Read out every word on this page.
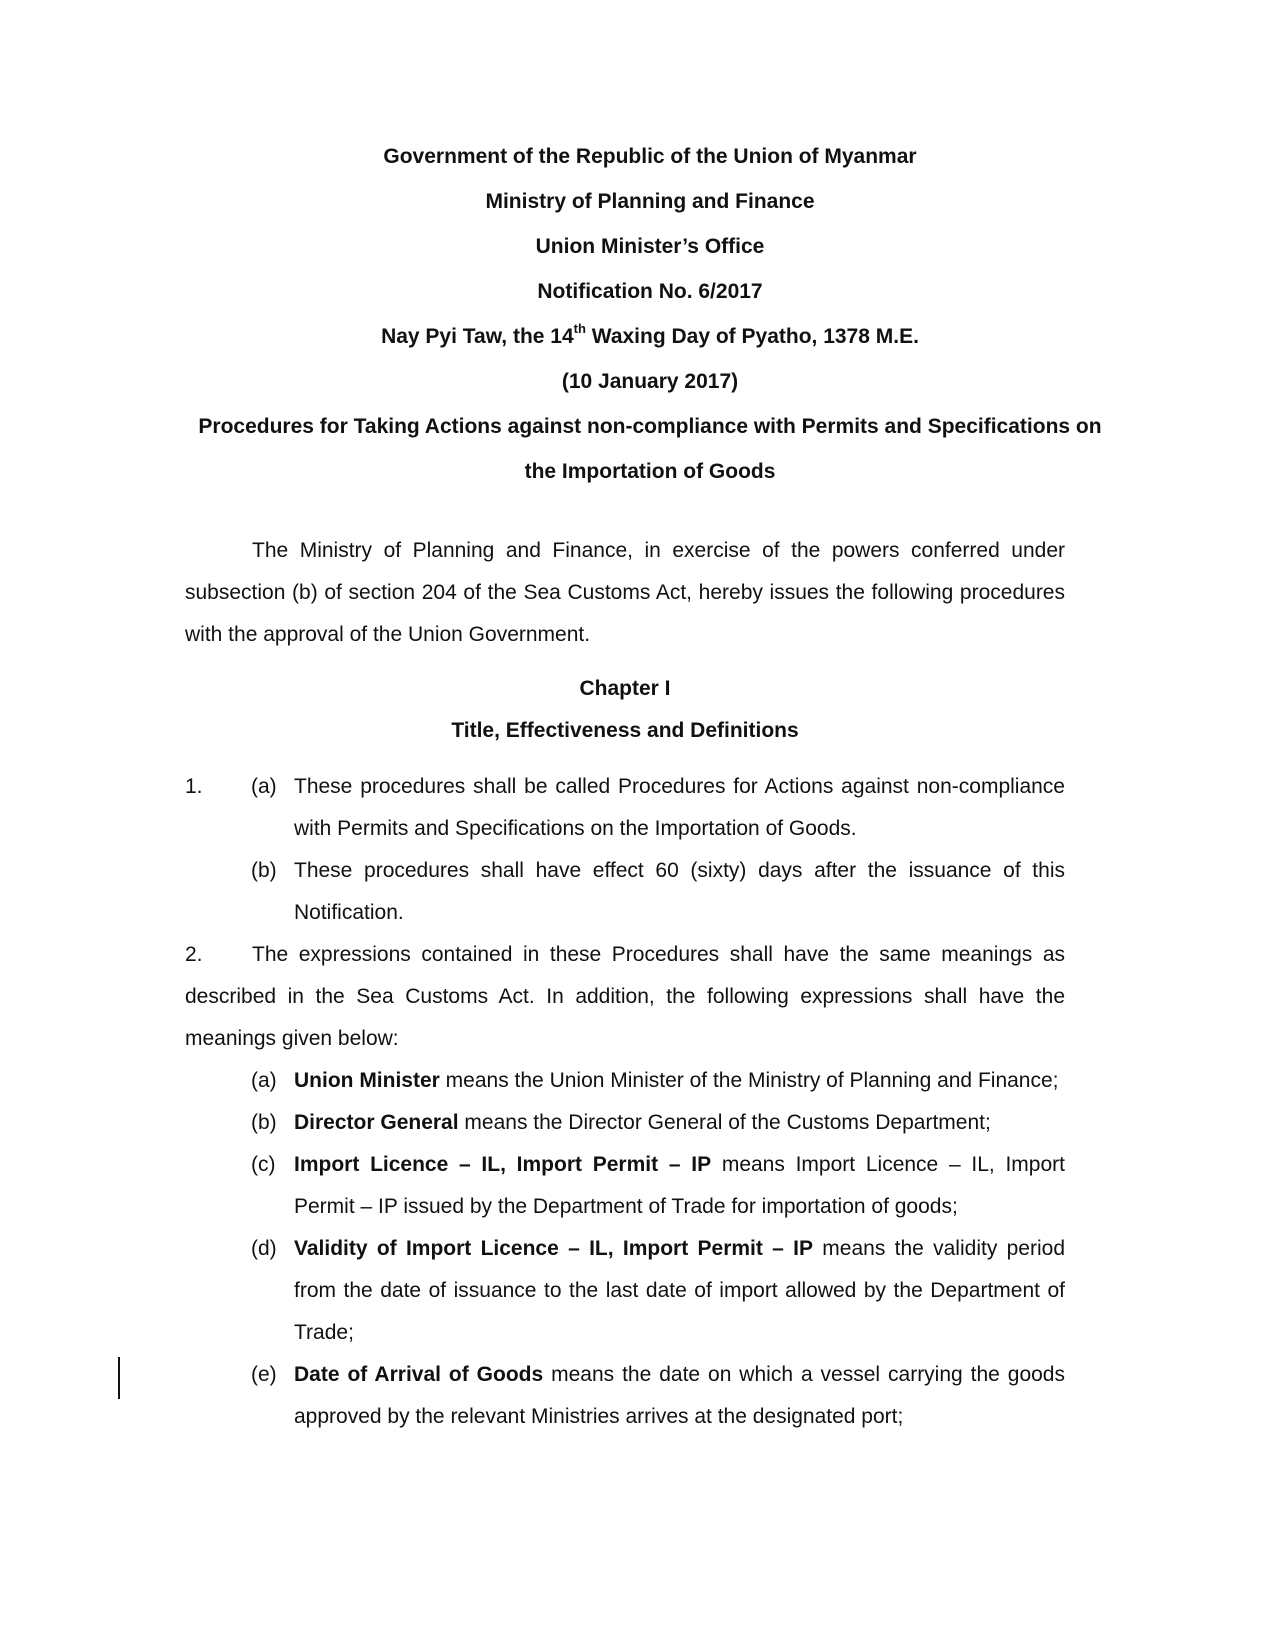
Government of the Republic of the Union of Myanmar
Ministry of Planning and Finance
Union Minister’s Office
Notification No. 6/2017
Nay Pyi Taw, the 14th Waxing Day of Pyatho, 1378 M.E.
(10 January 2017)
Procedures for Taking Actions against non-compliance with Permits and Specifications on
the Importation of Goods

The Ministry of Planning and Finance, in exercise of the powers conferred under subsection (b) of section 204 of the Sea Customs Act, hereby issues the following procedures with the approval of the Union Government.

Chapter I
Title, Effectiveness and Definitions
1. (a) These procedures shall be called Procedures for Actions against non-compliance with Permits and Specifications on the Importation of Goods.
(b) These procedures shall have effect 60 (sixty) days after the issuance of this Notification.
2.	The expressions contained in these Procedures shall have the same meanings as described in the Sea Customs Act. In addition, the following expressions shall have the meanings given below:

(a) Union Minister means the Union Minister of the Ministry of Planning and Finance;
(b) Director General means the Director General of the Customs Department;
(c) Import Licence – IL, Import Permit – IP means Import Licence – IL, Import Permit – IP issued by the Department of Trade for importation of goods;
(d) Validity of Import Licence – IL, Import Permit – IP means the validity period from the date of issuance to the last date of import allowed by the Department of Trade;
(e) Date of Arrival of Goods means the date on which a vessel carrying the goods approved by the relevant Ministries arrives at the designated port;
